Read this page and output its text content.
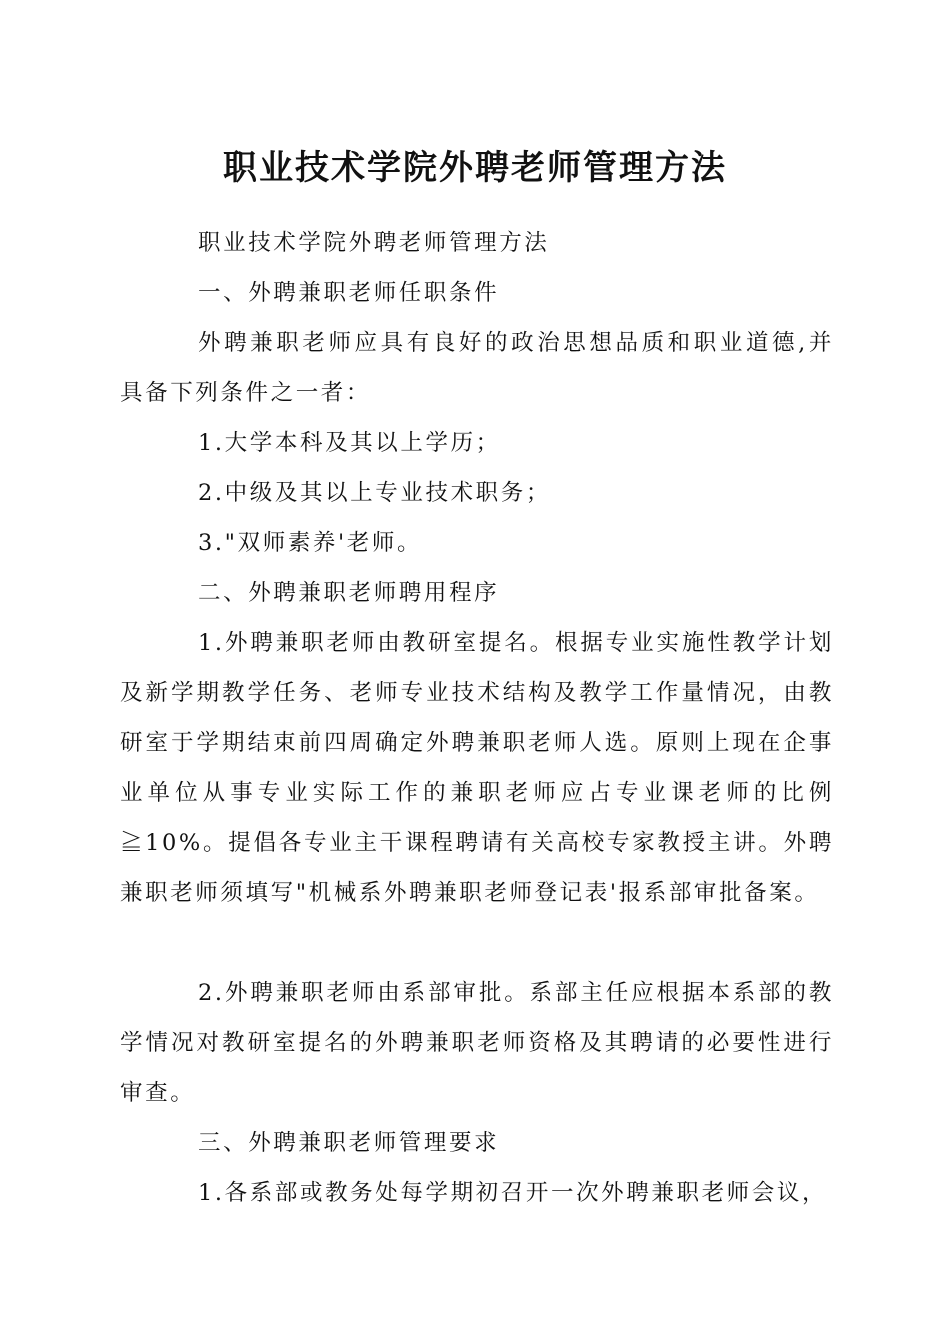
职业技术学院外聘老师管理方法

职业技术学院外聘老师管理方法

一、外聘兼职老师任职条件

外聘兼职老师应具有良好的政治思想品质和职业道德,并具备下列条件之一者：

1.大学本科及其以上学历；

2.中级及其以上专业技术职务；

3."双师素养'老师。

二、外聘兼职老师聘用程序

1.外聘兼职老师由教研室提名。根据专业实施性教学计划及新学期教学任务、老师专业技术结构及教学工作量情况，由教研室于学期结束前四周确定外聘兼职老师人选。原则上现在企事业单位从事专业实际工作的兼职老师应占专业课老师的比例≧10%。提倡各专业主干课程聘请有关高校专家教授主讲。外聘兼职老师须填写"机械系外聘兼职老师登记表'报系部审批备案。

2.外聘兼职老师由系部审批。系部主任应根据本系部的教学情况对教研室提名的外聘兼职老师资格及其聘请的必要性进行审查。

三、外聘兼职老师管理要求

1.各系部或教务处每学期初召开一次外聘兼职老师会议，
